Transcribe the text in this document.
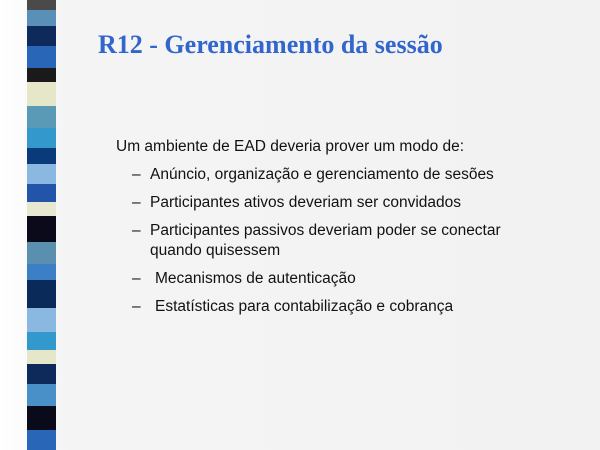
R12 - Gerenciamento da sessão
Um ambiente de EAD deveria prover um modo de:
– Anúncio, organização e gerenciamento de sesões
– Participantes ativos deveriam ser convidados
– Participantes passivos deveriam poder se conectar quando quisessem
– Mecanismos de autenticação
– Estatísticas para contabilização e cobrança
